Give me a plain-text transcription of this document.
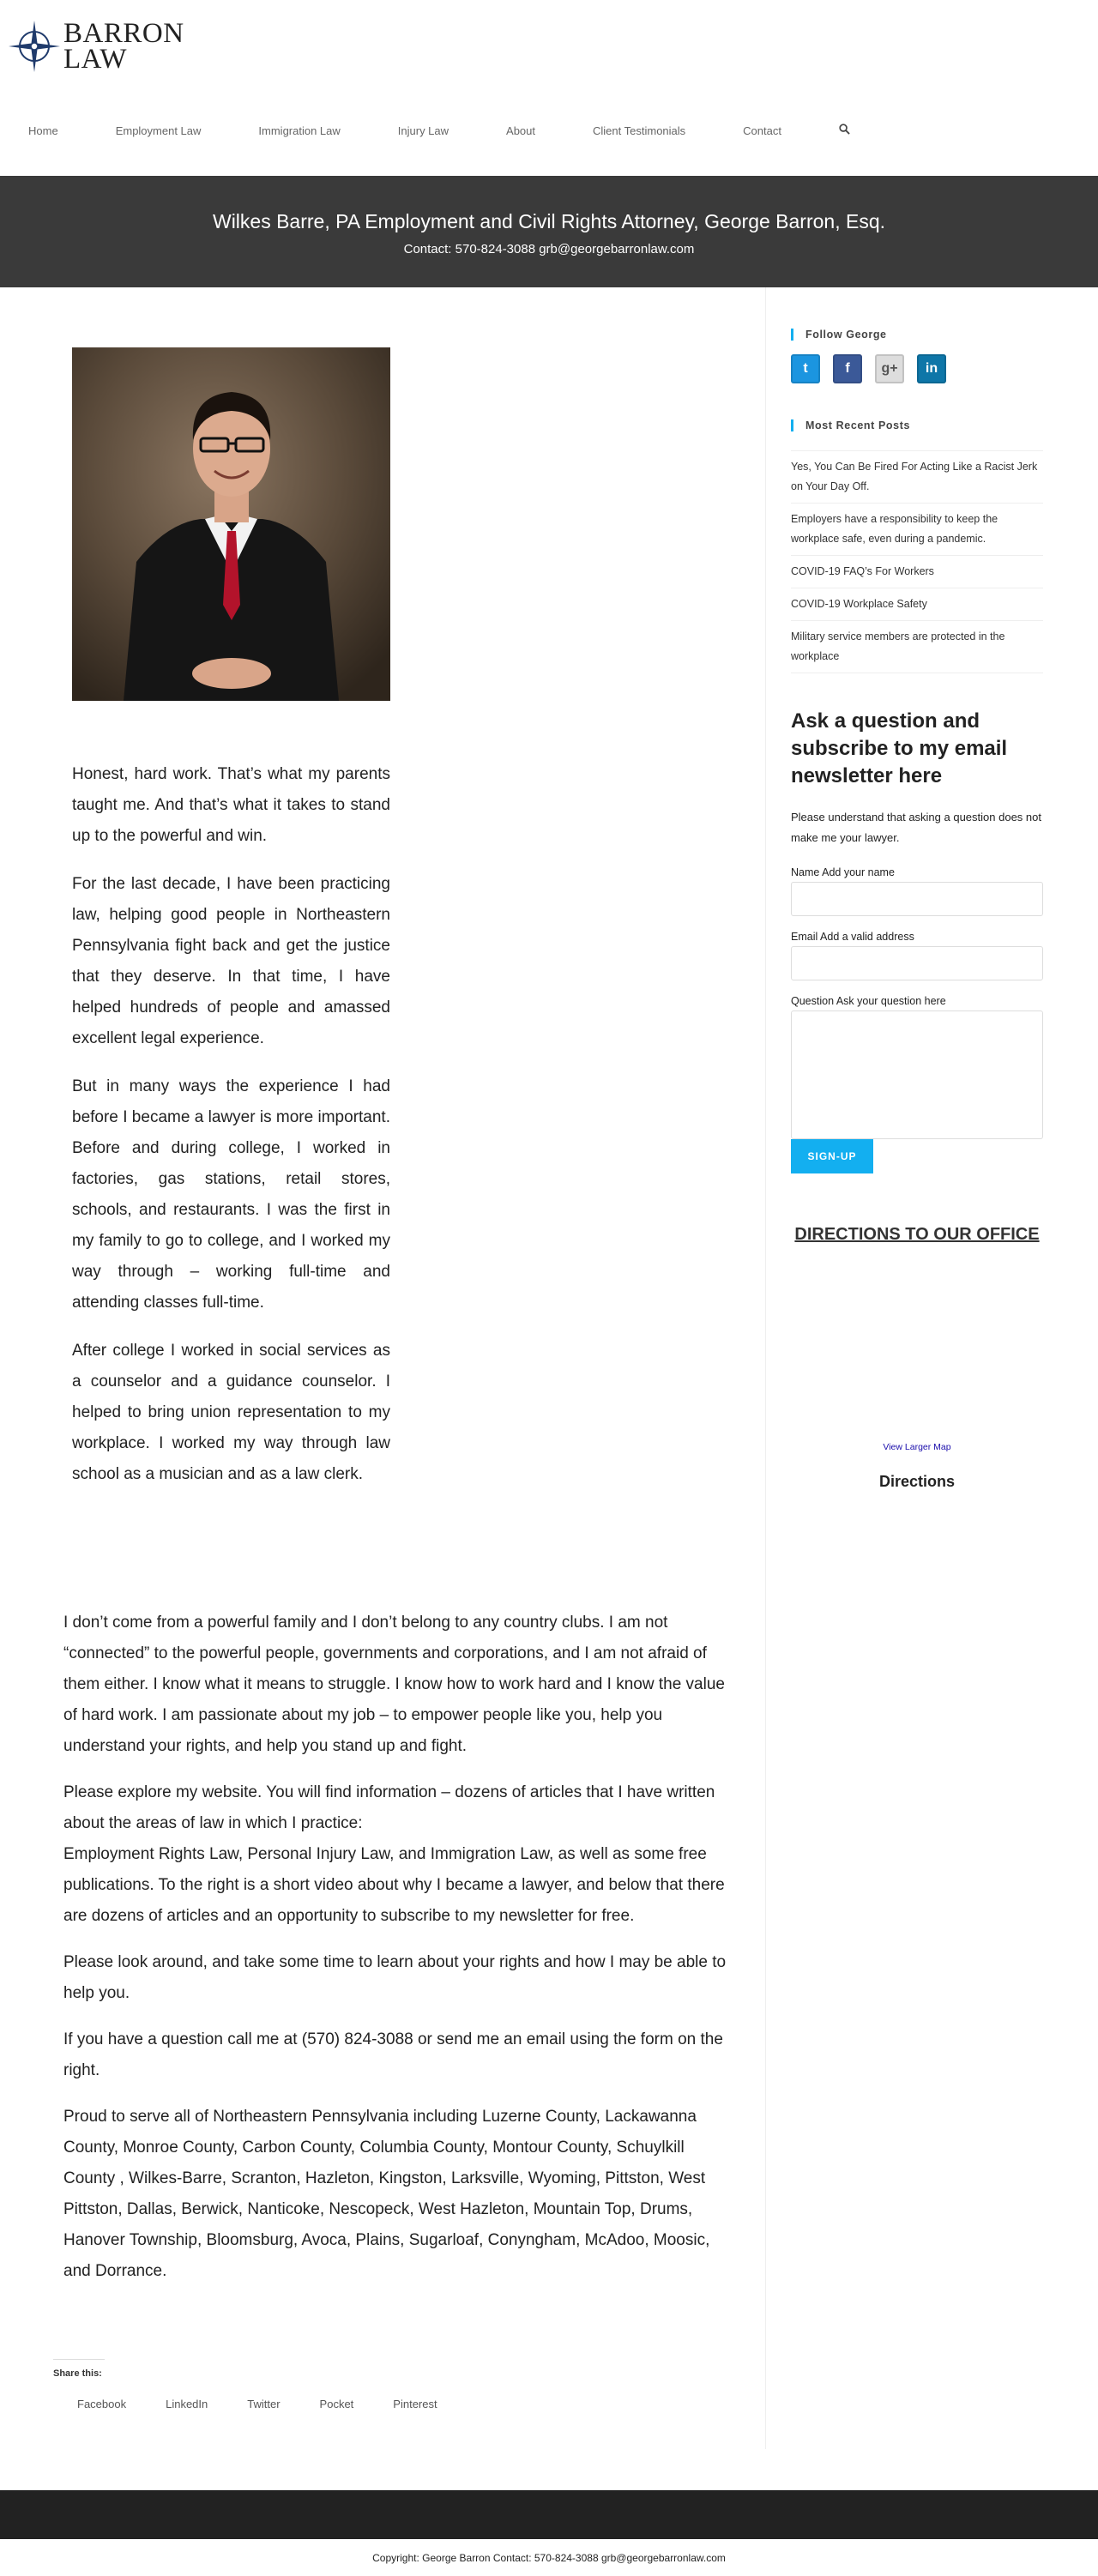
BARRON
LAW
Home	Employment Law	Immigration Law	Injury Law	About	Client Testimonials	Contact
Wilkes Barre, PA Employment and Civil Rights Attorney, George Barron, Esq.

Contact: 570-824-3088 grb@georgebarronlaw.com

Honest, hard work. That’s what my parents taught me. And that’s what it takes to stand up to the powerful and win.

For the last decade, I have been practicing law, helping good people in Northeastern Pennsylvania fight back and get the justice that they deserve. In that time, I have helped hundreds of people and amassed excellent legal experience.

But in many ways the experience I had before I became a lawyer is more important. Before and during college, I worked in factories, gas stations, retail stores, schools, and restaurants. I was the first in my family to go to college, and I worked my way through – working full-time and attending classes full-time.

After college I worked in social services as a counselor and a guidance counselor. I helped to bring union representation to my workplace. I worked my way through law school as a musician and as a law clerk.

I don’t come from a powerful family and I don’t belong to any country clubs. I am not “connected” to the powerful people, governments and corporations, and I am not afraid of them either. I know what it means to struggle. I know how to work hard and I know the value of hard work. I am passionate about my job – to empower people like you, help you understand your rights, and help you stand up and fight.

Please explore my website. You will find information – dozens of articles that I have written about the areas of law in which I practice:
Employment Rights Law, Personal Injury Law, and Immigration Law, as well as some free publications. To the right is a short video about why I became a lawyer, and below that there are dozens of articles and an opportunity to subscribe to my newsletter for free.

Please look around, and take some time to learn about your rights and how I may be able to help you.

If you have a question call me at (570) 824-3088 or send me an email using the form on the right.

Proud to serve all of Northeastern Pennsylvania including Luzerne County, Lackawanna County, Monroe County, Carbon County, Columbia County, Montour County, Schuylkill County , Wilkes-Barre, Scranton, Hazleton, Kingston, Larksville, Wyoming, Pittston, West Pittston, Dallas, Berwick, Nanticoke, Nescopeck, West Hazleton, Mountain Top, Drums, Hanover Township, Bloomsburg, Avoca, Plains, Sugarloaf, Conyngham, McAdoo, Moosic, and Dorrance.

Share this:
Facebook	LinkedIn	Twitter	Pocket	Pinterest
Follow George
t	f g+ in
Most Recent Posts
Yes, You Can Be Fired For Acting Like a Racist Jerk on Your Day Off.
Employers have a responsibility to keep the workplace safe, even during a pandemic.
COVID-19 FAQ’s For Workers
COVID-19 Workplace Safety
Military service members are protected in the workplace
Ask a question and subscribe to my email newsletter here

Please understand that asking a question does not make me your lawyer.

Name Add your name
Email Add a valid address
Question Ask your question here
SIGN-UP
DIRECTIONS TO OUR OFFICE
View Larger Map
Directions
Copyright: George Barron Contact: 570-824-3088 grb@georgebarronlaw.com
